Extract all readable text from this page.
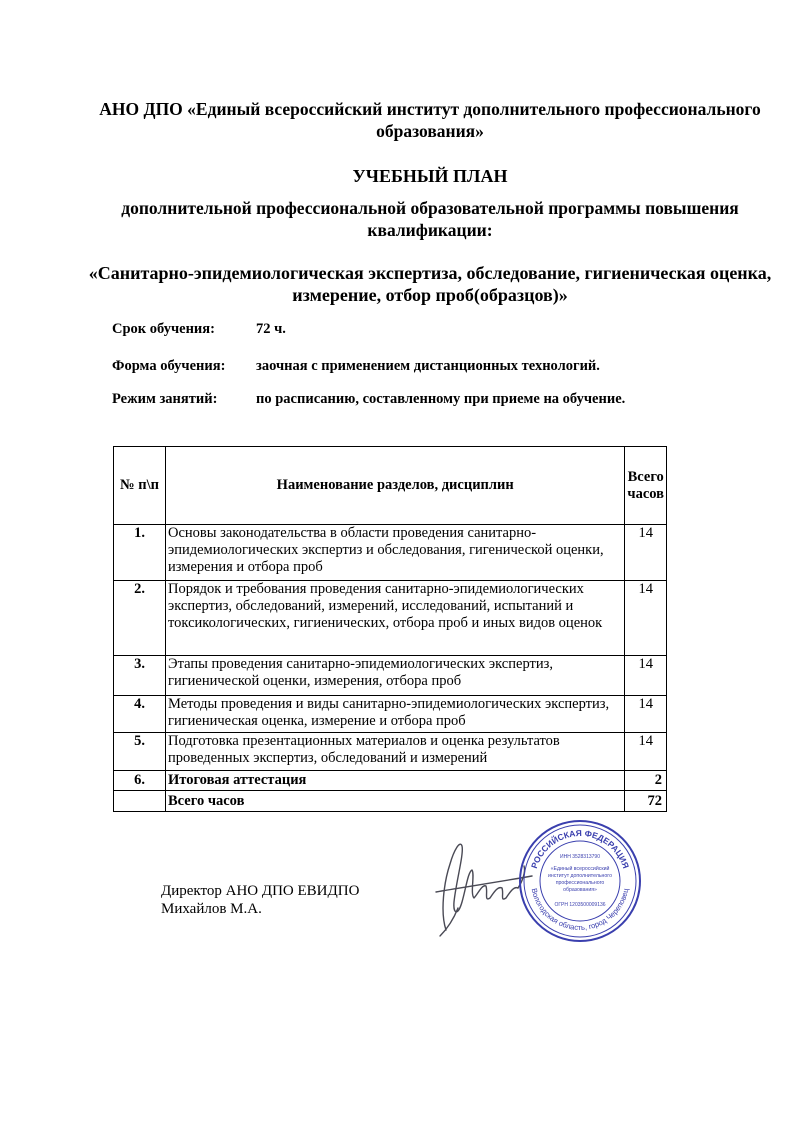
АНО ДПО «Единый всероссийский институт дополнительного профессионального образования»
УЧЕБНЫЙ ПЛАН
дополнительной профессиональной образовательной программы повышения квалификации:
«Санитарно-эпидемиологическая экспертиза, обследование, гигиеническая оценка, измерение, отбор проб(образцов)»
Срок обучения:	72 ч.
Форма обучения: заочная с применением дистанционных технологий.
Режим занятий:	по расписанию, составленному при приеме на обучение.
№ п\п	Наименование разделов, дисциплин	Всего часов
1.	Основы законодательства в области проведения санитарно-эпидемиологических экспертиз и обследования, гигенической оценки, измерения и отбора проб	14
2.	Порядок и требования проведения санитарно-эпидемиологических экспертиз, обследований, измерений, исследований, испытаний и токсикологических, гигиенических, отбора проб и иных видов оценок	14
3.	Этапы проведения санитарно-эпидемиологических экспертиз, гигиенической оценки, измерения, отбора проб	14
4.	Методы проведения и виды санитарно-эпидемиологических экспертиз, гигиеническая оценка, измерение и отбора проб	14
5.	Подготовка презентационных материалов и оценка результатов проведенных экспертиз, обследований и измерений	14
6.	Итоговая аттестация	2
	Всего часов	72
Директор АНО ДПО ЕВИДПО
Михайлов М.А.
РОССИЙСКАЯ ФЕДЕРАЦИЯ
Вологодская область, город Череповец
ИНН 3528313790
«Единый всероссийский
институт дополнительного
профессионального
образования»
ОГРН 1203500009136
